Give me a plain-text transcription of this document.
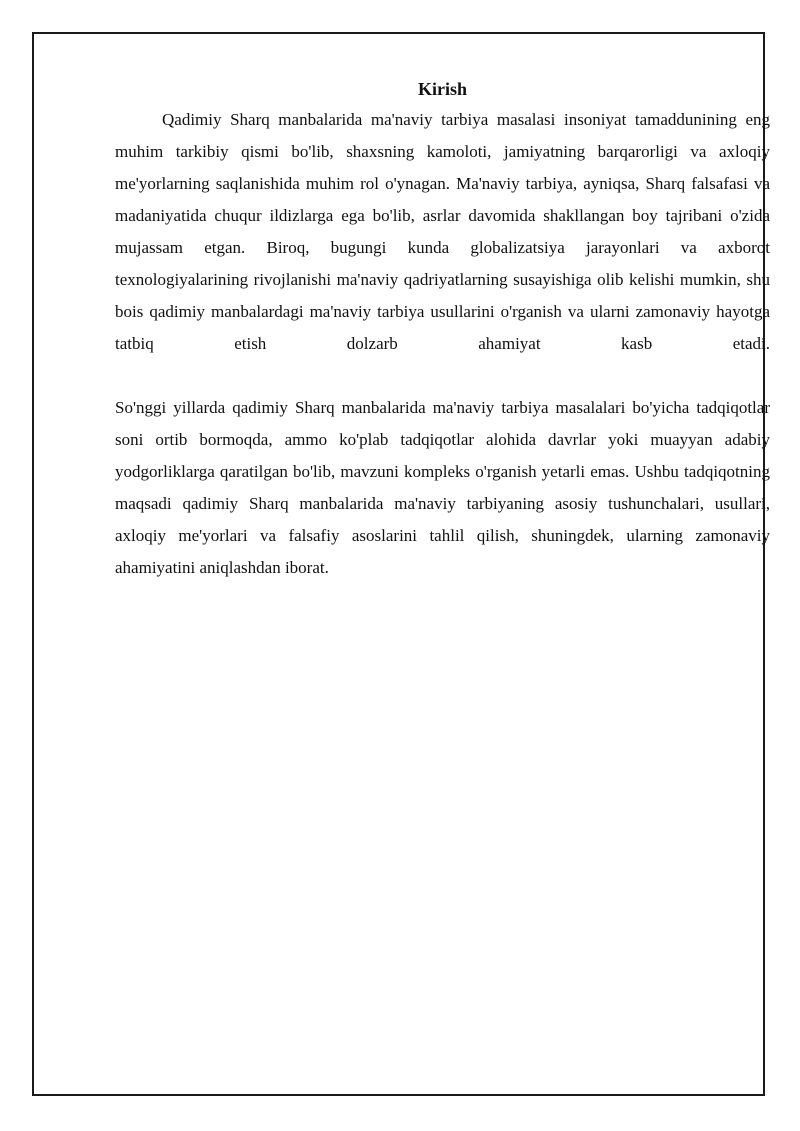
Kirish

Qadimiy Sharq manbalarida ma'naviy tarbiya masalasi insoniyat tamaddunining eng muhim tarkibiy qismi bo'lib, shaxsning kamoloti, jamiyatning barqarorligi va axloqiy me'yorlarning saqlanishida muhim rol o'ynagan. Ma'naviy tarbiya, ayniqsa, Sharq falsafasi va madaniyatida chuqur ildizlarga ega bo'lib, asrlar davomida shakllangan boy tajribani o'zida mujassam etgan. Biroq, bugungi kunda globalizatsiya jarayonlari va axborot texnologiyalarining rivojlanishi ma'naviy qadriyatlarning susayishiga olib kelishi mumkin, shu bois qadimiy manbalardagi ma'naviy tarbiya usullarini o'rganish va ularni zamonaviy hayotga tatbiq etish dolzarb ahamiyat kasb etadi.

So'nggi yillarda qadimiy Sharq manbalarida ma'naviy tarbiya masalalari bo'yicha tadqiqotlar soni ortib bormoqda, ammo ko'plab tadqiqotlar alohida davrlar yoki muayyan adabiy yodgorliklarga qaratilgan bo'lib, mavzuni kompleks o'rganish yetarli emas. Ushbu tadqiqotning maqsadi qadimiy Sharq manbalarida ma'naviy tarbiyaning asosiy tushunchalari, usullari, axloqiy me'yorlari va falsafiy asoslarini tahlil qilish, shuningdek, ularning zamonaviy ahamiyatini aniqlashdan iborat.
